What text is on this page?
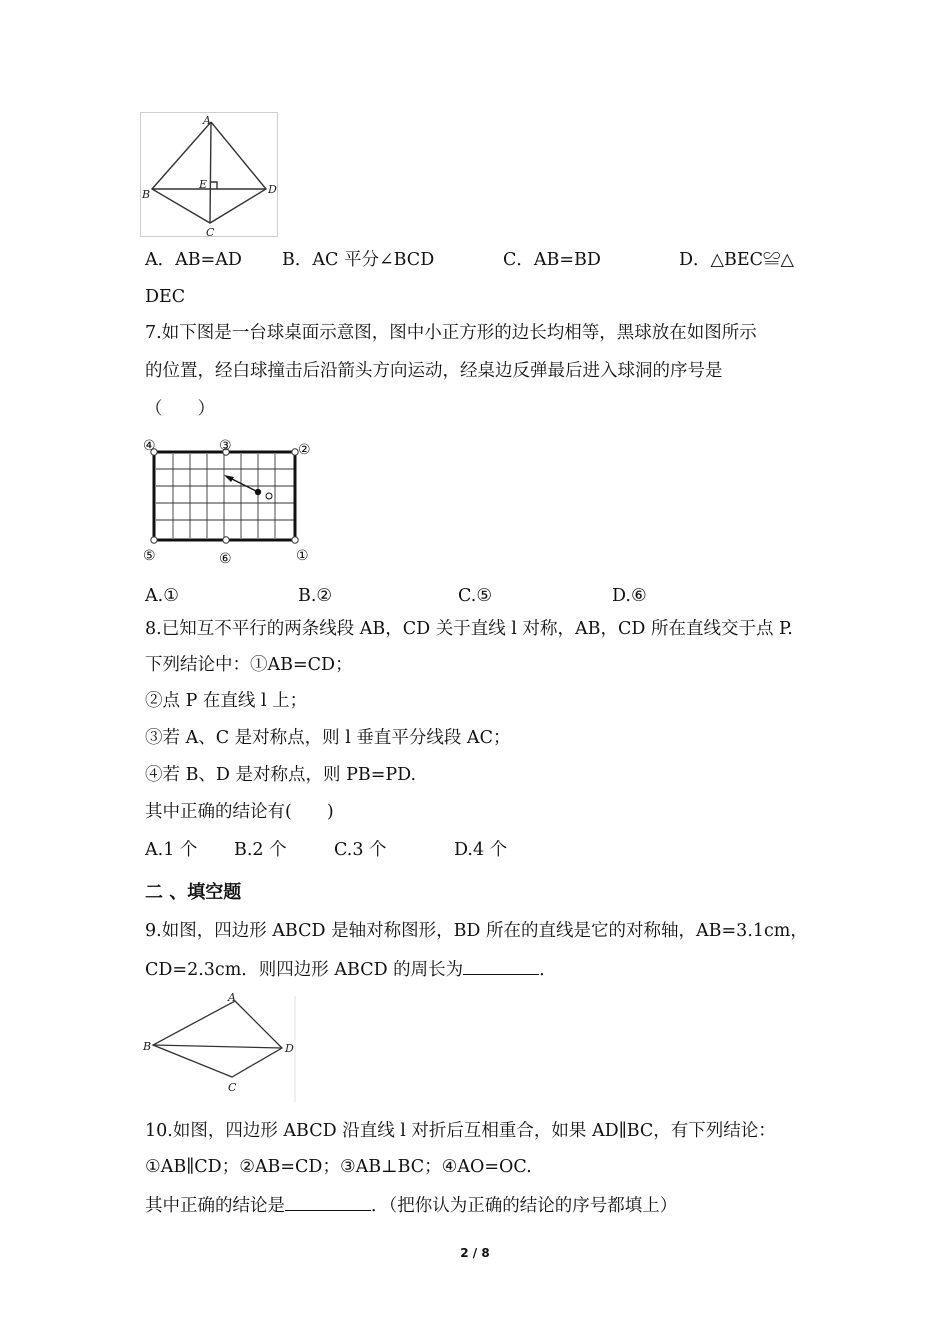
A
B
C
D
E
A．AB=AD B．AC 平分∠BCD	C．AB=BD	D．△BEC≌△
DEC
7.如下图是一台球桌面示意图，图中小正方形的边长均相等，黑球放在如图所示
的位置，经白球撞击后沿箭头方向运动，经桌边反弹最后进入球洞的序号是
（　　）
④	③	②
⑤	⑥	①
A.①	B.②	C.⑤	D.⑥
8.已知互不平行的两条线段 AB，CD 关于直线 l 对称，AB，CD 所在直线交于点 P.
下列结论中：①AB=CD；
②点 P 在直线 l 上；
③若 A、C 是对称点，则 l 垂直平分线段 AC；
④若 B、D 是对称点，则 PB=PD.
其中正确的结论有(　　)
A.1 个 B.2 个	C.3 个	D.4 个
二 、填空题
9.如图，四边形 ABCD 是轴对称图形，BD 所在的直线是它的对称轴，AB=3.1cm，
CD=2.3cm．则四边形 ABCD 的周长为	．
A
B
C
D
10.如图，四边形 ABCD 沿直线 l 对折后互相重合，如果 AD∥BC，有下列结论：
①AB∥CD；②AB=CD；③AB⊥BC；④AO=OC.
其中正确的结论是	．（把你认为正确的结论的序号都填上）
2 / 8
